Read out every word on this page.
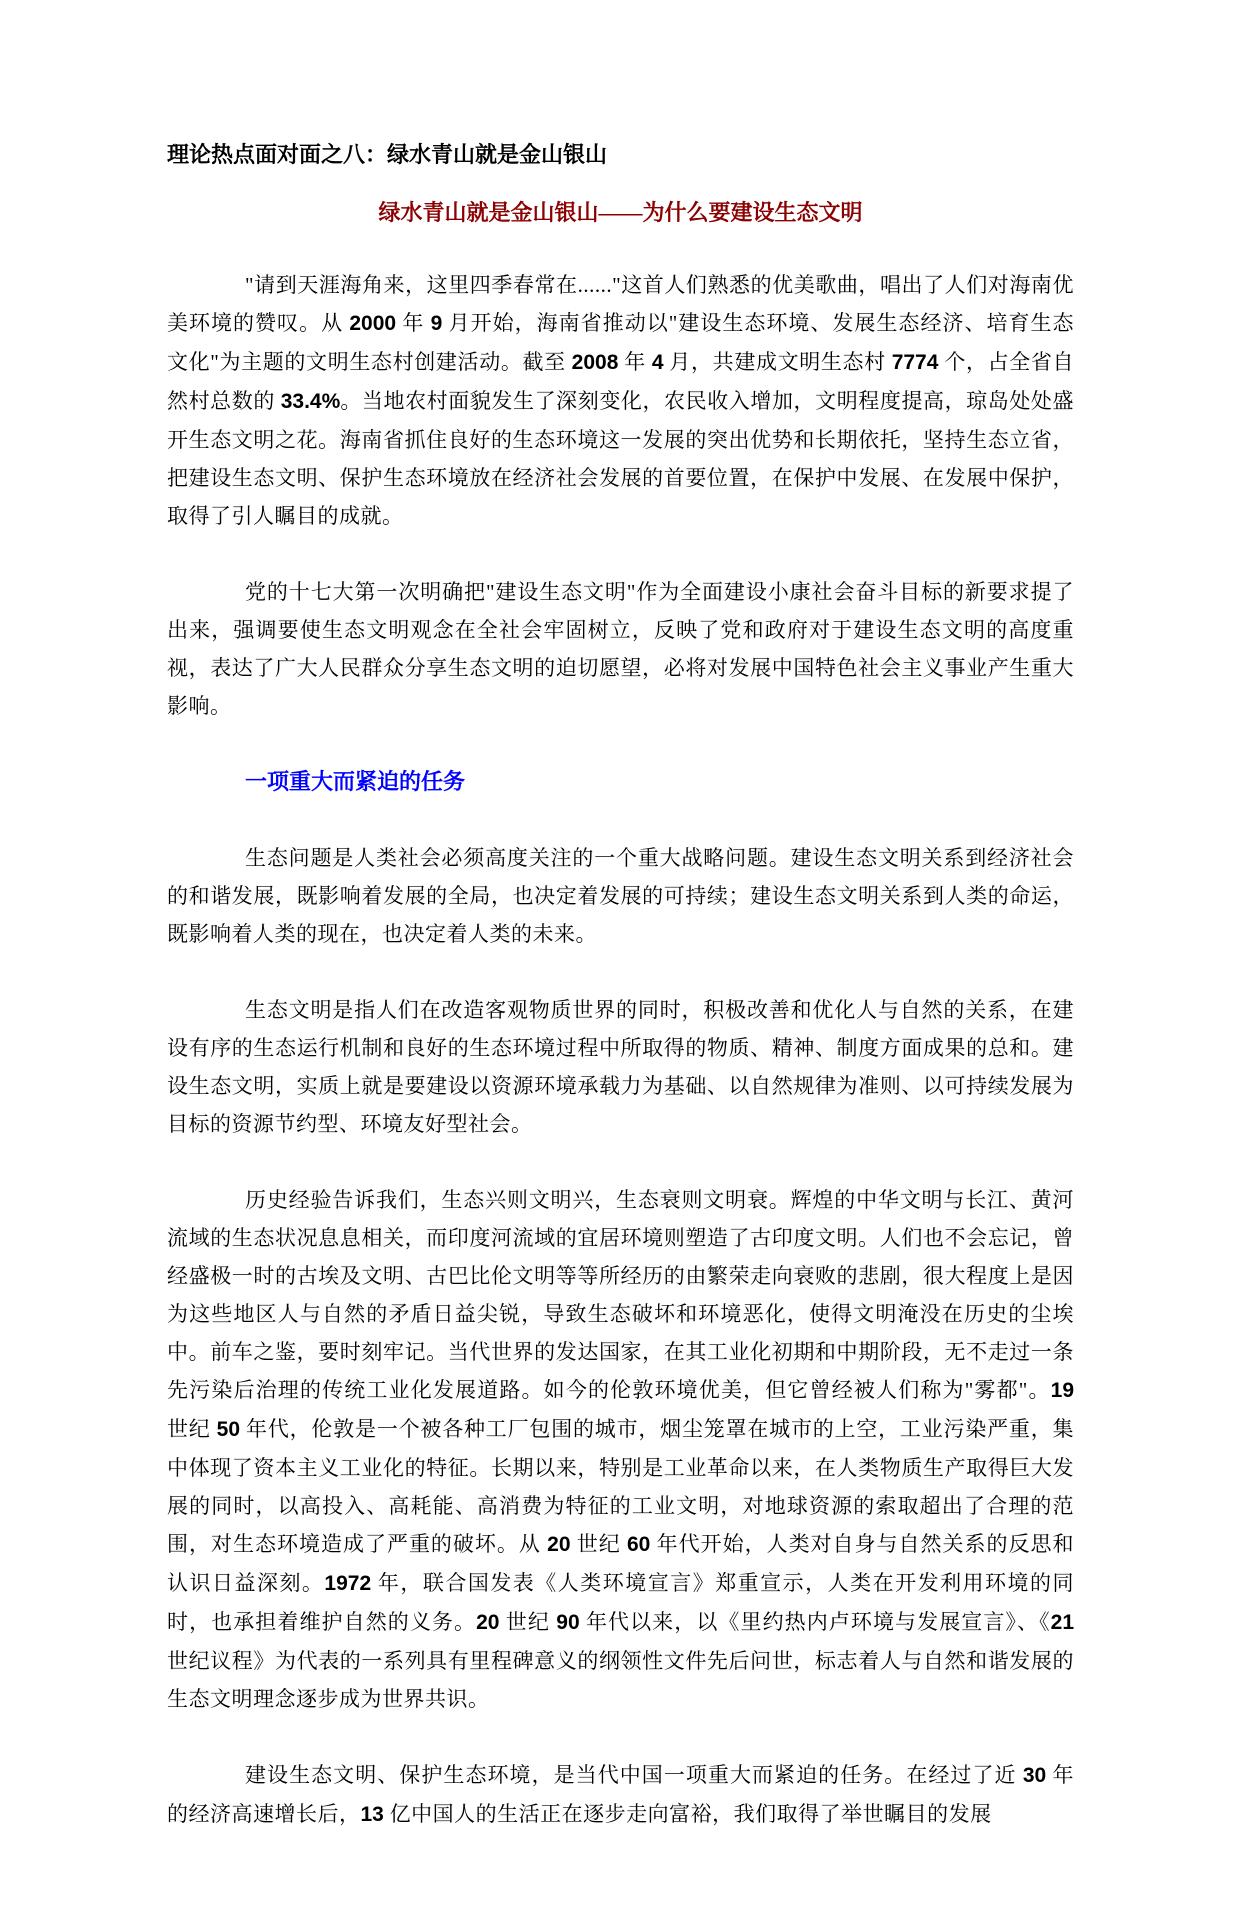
理论热点面对面之八：绿水青山就是金山银山
绿水青山就是金山银山——为什么要建设生态文明

"请到天涯海角来，这里四季春常在......"这首人们熟悉的优美歌曲，唱出了人们对海南优美环境的赞叹。从 2000 年 9 月开始，海南省推动以"建设生态环境、发展生态经济、培育生态文化"为主题的文明生态村创建活动。截至 2008 年 4 月，共建成文明生态村 7774 个，占全省自然村总数的 33.4%。当地农村面貌发生了深刻变化，农民收入增加，文明程度提高，琼岛处处盛开生态文明之花。海南省抓住良好的生态环境这一发展的突出优势和长期依托，坚持生态立省，把建设生态文明、保护生态环境放在经济社会发展的首要位置，在保护中发展、在发展中保护，取得了引人瞩目的成就。

党的十七大第一次明确把"建设生态文明"作为全面建设小康社会奋斗目标的新要求提了出来，强调要使生态文明观念在全社会牢固树立，反映了党和政府对于建设生态文明的高度重视，表达了广大人民群众分享生态文明的迫切愿望，必将对发展中国特色社会主义事业产生重大影响。

一项重大而紧迫的任务

生态问题是人类社会必须高度关注的一个重大战略问题。建设生态文明关系到经济社会的和谐发展，既影响着发展的全局，也决定着发展的可持续；建设生态文明关系到人类的命运，既影响着人类的现在，也决定着人类的未来。

生态文明是指人们在改造客观物质世界的同时，积极改善和优化人与自然的关系，在建设有序的生态运行机制和良好的生态环境过程中所取得的物质、精神、制度方面成果的总和。建设生态文明，实质上就是要建设以资源环境承载力为基础、以自然规律为准则、以可持续发展为目标的资源节约型、环境友好型社会。

历史经验告诉我们，生态兴则文明兴，生态衰则文明衰。辉煌的中华文明与长江、黄河流域的生态状况息息相关，而印度河流域的宜居环境则塑造了古印度文明。人们也不会忘记，曾经盛极一时的古埃及文明、古巴比伦文明等等所经历的由繁荣走向衰败的悲剧，很大程度上是因为这些地区人与自然的矛盾日益尖锐，导致生态破坏和环境恶化，使得文明淹没在历史的尘埃中。前车之鉴，要时刻牢记。当代世界的发达国家，在其工业化初期和中期阶段，无不走过一条先污染后治理的传统工业化发展道路。如今的伦敦环境优美，但它曾经被人们称为"雾都"。19 世纪 50 年代，伦敦是一个被各种工厂包围的城市，烟尘笼罩在城市的上空，工业污染严重，集中体现了资本主义工业化的特征。长期以来，特别是工业革命以来，在人类物质生产取得巨大发展的同时，以高投入、高耗能、高消费为特征的工业文明，对地球资源的索取超出了合理的范围，对生态环境造成了严重的破坏。从 20 世纪 60 年代开始，人类对自身与自然关系的反思和认识日益深刻。1972 年，联合国发表《人类环境宣言》郑重宣示，人类在开发利用环境的同时，也承担着维护自然的义务。20 世纪 90 年代以来，以《里约热内卢环境与发展宣言》、《21 世纪议程》为代表的一系列具有里程碑意义的纲领性文件先后问世，标志着人与自然和谐发展的生态文明理念逐步成为世界共识。

建设生态文明、保护生态环境，是当代中国一项重大而紧迫的任务。在经过了近 30 年的经济高速增长后，13 亿中国人的生活正在逐步走向富裕，我们取得了举世瞩目的发展
